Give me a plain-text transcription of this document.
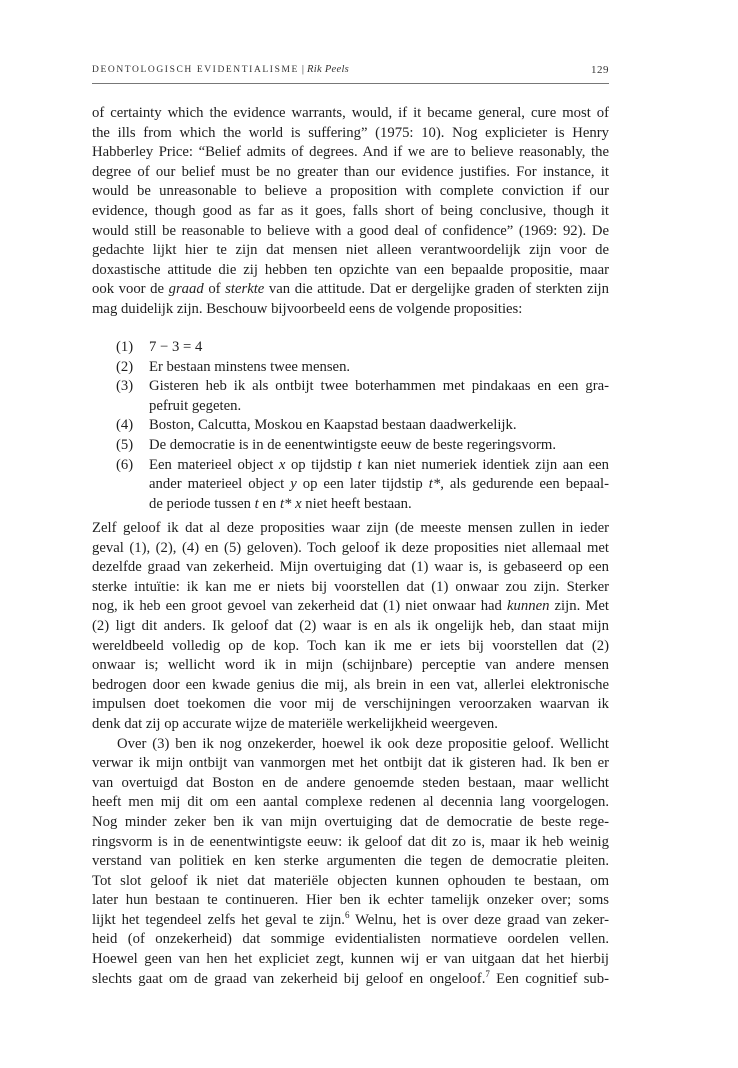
DEONTOLOGISCH EVIDENTIALISME | Rik Peels	129
of certainty which the evidence warrants, would, if it became general, cure most of
the ills from which the world is suffering” (1975: 10). Nog explicieter is Henry
Habberley Price: “Belief admits of degrees. And if we are to believe reasonably, the
degree of our belief must be no greater than our evidence justifies. For instance, it
would be unreasonable to believe a proposition with complete conviction if our
evidence, though good as far as it goes, falls short of being conclusive, though it
would still be reasonable to believe with a good deal of confidence” (1969: 92). De
gedachte lijkt hier te zijn dat mensen niet alleen verantwoordelijk zijn voor de
doxastische attitude die zij hebben ten opzichte van een bepaalde propositie, maar
ook voor de graad of sterkte van die attitude. Dat er dergelijke graden of sterkten zijn
mag duidelijk zijn. Beschouw bijvoorbeeld eens de volgende proposities:
(1) 7 − 3 = 4
(2) Er bestaan minstens twee mensen.
(3) Gisteren heb ik als ontbijt twee boterhammen met pindakaas en een gra-
pefruit gegeten.
(4) Boston, Calcutta, Moskou en Kaapstad bestaan daadwerkelijk.
(5) De democratie is in de eenentwintigste eeuw de beste regeringsvorm.
(6) Een materieel object x op tijdstip t kan niet numeriek identiek zijn aan een
ander materieel object y op een later tijdstip t*, als gedurende een bepaal-
de periode tussen t en t* x niet heeft bestaan.
Zelf geloof ik dat al deze proposities waar zijn (de meeste mensen zullen in ieder
geval (1), (2), (4) en (5) geloven). Toch geloof ik deze proposities niet allemaal met
dezelfde graad van zekerheid. Mijn overtuiging dat (1) waar is, is gebaseerd op een
sterke intuïtie: ik kan me er niets bij voorstellen dat (1) onwaar zou zijn. Sterker
nog, ik heb een groot gevoel van zekerheid dat (1) niet onwaar had kunnen zijn. Met
(2) ligt dit anders. Ik geloof dat (2) waar is en als ik ongelijk heb, dan staat mijn
wereldbeeld volledig op de kop. Toch kan ik me er iets bij voorstellen dat (2)
onwaar is; wellicht word ik in mijn (schijnbare) perceptie van andere mensen
bedrogen door een kwade genius die mij, als brein in een vat, allerlei elektronische
impulsen doet toekomen die voor mij de verschijningen veroorzaken waarvan ik
denk dat zij op accurate wijze de materiële werkelijkheid weergeven.
Over (3) ben ik nog onzekerder, hoewel ik ook deze propositie geloof. Wellicht
verwar ik mijn ontbijt van vanmorgen met het ontbijt dat ik gisteren had. Ik ben er
van overtuigd dat Boston en de andere genoemde steden bestaan, maar wellicht
heeft men mij dit om een aantal complexe redenen al decennia lang voorgelogen.
Nog minder zeker ben ik van mijn overtuiging dat de democratie de beste rege-
ringsvorm is in de eenentwintigste eeuw: ik geloof dat dit zo is, maar ik heb weinig
verstand van politiek en ken sterke argumenten die tegen de democratie pleiten.
Tot slot geloof ik niet dat materiële objecten kunnen ophouden te bestaan, om
later hun bestaan te continueren. Hier ben ik echter tamelijk onzeker over; soms
lijkt het tegendeel zelfs het geval te zijn.$^6$ Welnu, het is over deze graad van zeker-
heid (of onzekerheid) dat sommige evidentialisten normatieve oordelen vellen.
Hoewel geen van hen het expliciet zegt, kunnen wij er van uitgaan dat het hierbij
slechts gaat om de graad van zekerheid bij geloof en ongeloof.$^7$ Een cognitief sub-
